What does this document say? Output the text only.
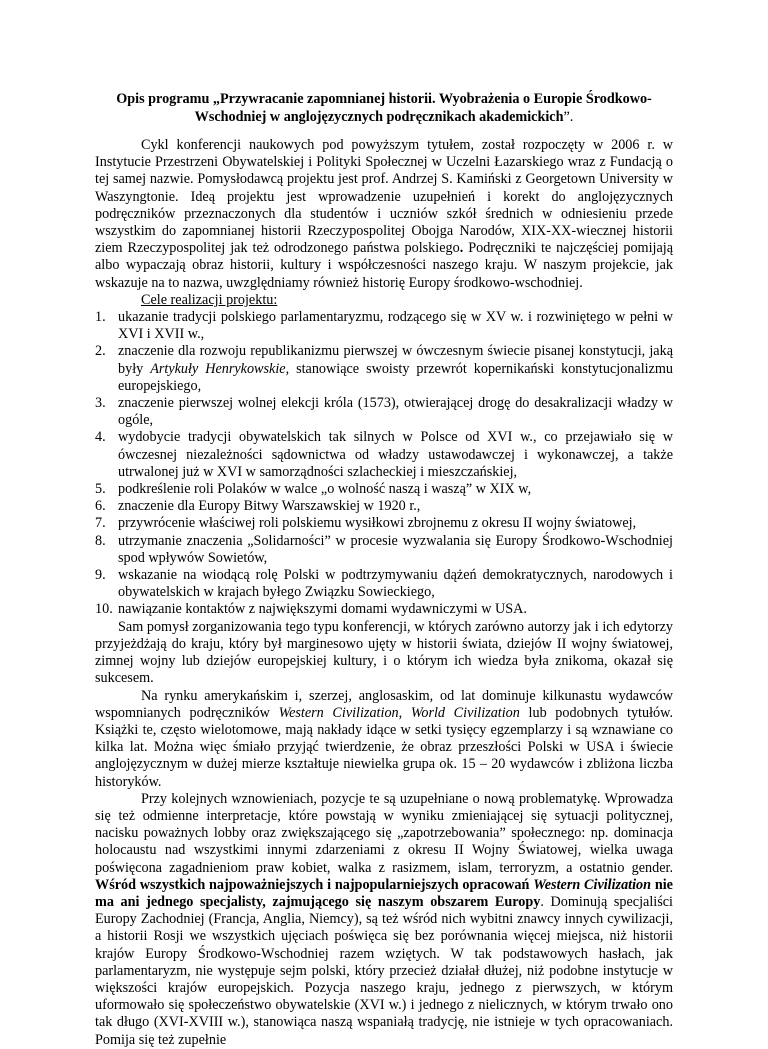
Opis programu „Przywracanie zapomnianej historii. Wyobrażenia o Europie Środkowo-
Wschodniej w anglojęzycznych podręcznikach akademickich”.

Cykl konferencji naukowych pod powyższym tytułem, został rozpoczęty w 2006 r. w Instytucie Przestrzeni Obywatelskiej i Polityki Społecznej w Uczelni Łazarskiego wraz z Fundacją o tej samej nazwie. Pomysłodawcą projektu jest prof. Andrzej S. Kamiński z Georgetown University w Waszyngtonie. Ideą projektu jest wprowadzenie uzupełnień i korekt do anglojęzycznych podręczników przeznaczonych dla studentów i uczniów szkół średnich w odniesieniu przede wszystkim do zapomnianej historii Rzeczypospolitej Obojga Narodów, XIX-XX-wiecznej historii ziem Rzeczypospolitej jak też odrodzonego państwa polskiego. Podręczniki te najczęściej pomijają albo wypaczają obraz historii, kultury i współczesności naszego kraju. W naszym projekcie, jak wskazuje na to nazwa, uwzględniamy również historię Europy środkowo-wschodniej.

Cele realizacji projektu:

1. ukazanie tradycji polskiego parlamentaryzmu, rodzącego się w XV w. i rozwiniętego w pełni w XVI i XVII w.,
2. znaczenie dla rozwoju republikanizmu pierwszej w ówczesnym świecie pisanej konstytucji, jaką były Artykuły Henrykowskie, stanowiące swoisty przewrót kopernikański konstytucjonalizmu europejskiego,
3. znaczenie pierwszej wolnej elekcji króla (1573), otwierającej drogę do desakralizacji władzy w ogóle,
4. wydobycie tradycji obywatelskich tak silnych w Polsce od XVI w., co przejawiało się w ówczesnej niezależności sądownictwa od władzy ustawodawczej i wykonawczej, a także utrwalonej już w XVI w samorządności szlacheckiej i mieszczańskiej,
5. podkreślenie roli Polaków w walce „o wolność naszą i waszą” w XIX w,
6. znaczenie dla Europy Bitwy Warszawskiej w 1920 r.,
7. przywrócenie właściwej roli polskiemu wysiłkowi zbrojnemu z okresu II wojny światowej,
8. utrzymanie znaczenia „Solidarności” w procesie wyzwalania się Europy Środkowo-Wschodniej spod wpływów Sowietów,
9. wskazanie na wiodącą rolę Polski w podtrzymywaniu dążeń demokratycznych, narodowych i obywatelskich w krajach byłego Związku Sowieckiego,
10. nawiązanie kontaktów z największymi domami wydawniczymi w USA.

Sam pomysł zorganizowania tego typu konferencji, w których zarówno autorzy jak i ich edytorzy przyjeżdżają do kraju, który był marginesowo ujęty w historii świata, dziejów II wojny światowej, zimnej wojny lub dziejów europejskiej kultury, i o którym ich wiedza była znikoma, okazał się sukcesem.

Na rynku amerykańskim i, szerzej, anglosaskim, od lat dominuje kilkunastu wydawców wspomnianych podręczników Western Civilization, World Civilization lub podobnych tytułów. Książki te, często wielotomowe, mają nakłady idące w setki tysięcy egzemplarzy i są wznawiane co kilka lat. Można więc śmiało przyjąć twierdzenie, że obraz przeszłości Polski w USA i świecie anglojęzycznym w dużej mierze kształtuje niewielka grupa ok. 15 – 20 wydawców i zbliżona liczba historyków.

Przy kolejnych wznowieniach, pozycje te są uzupełniane o nową problematykę. Wprowadza się też odmienne interpretacje, które powstają w wyniku zmieniającej się sytuacji politycznej, nacisku poważnych lobby oraz zwiększającego się „zapotrzebowania” społecznego: np. dominacja holocaustu nad wszystkimi innymi zdarzeniami z okresu II Wojny Światowej, wielka uwaga poświęcona zagadnieniom praw kobiet, walka z rasizmem, islam, terroryzm, a ostatnio gender. Wśród wszystkich najpoważniejszych i najpopularniejszych opracowań Western Civilization nie ma ani jednego specjalisty, zajmującego się naszym obszarem Europy. Dominują specjaliści Europy Zachodniej (Francja, Anglia, Niemcy), są też wśród nich wybitni znawcy innych cywilizacji, a historii Rosji we wszystkich ujęciach poświęca się bez porównania więcej miejsca, niż historii krajów Europy Środkowo-Wschodniej razem wziętych. W tak podstawowych hasłach, jak parlamentaryzm, nie występuje sejm polski, który przecież działał dłużej, niż podobne instytucje w większości krajów europejskich. Pozycja naszego kraju, jednego z pierwszych, w którym uformowało się społeczeństwo obywatelskie (XVI w.) i jednego z nielicznych, w którym trwało ono tak długo (XVI-XVIII w.), stanowiąca naszą wspaniałą tradycję, nie istnieje w tych opracowaniach. Pomija się też zupełnie
